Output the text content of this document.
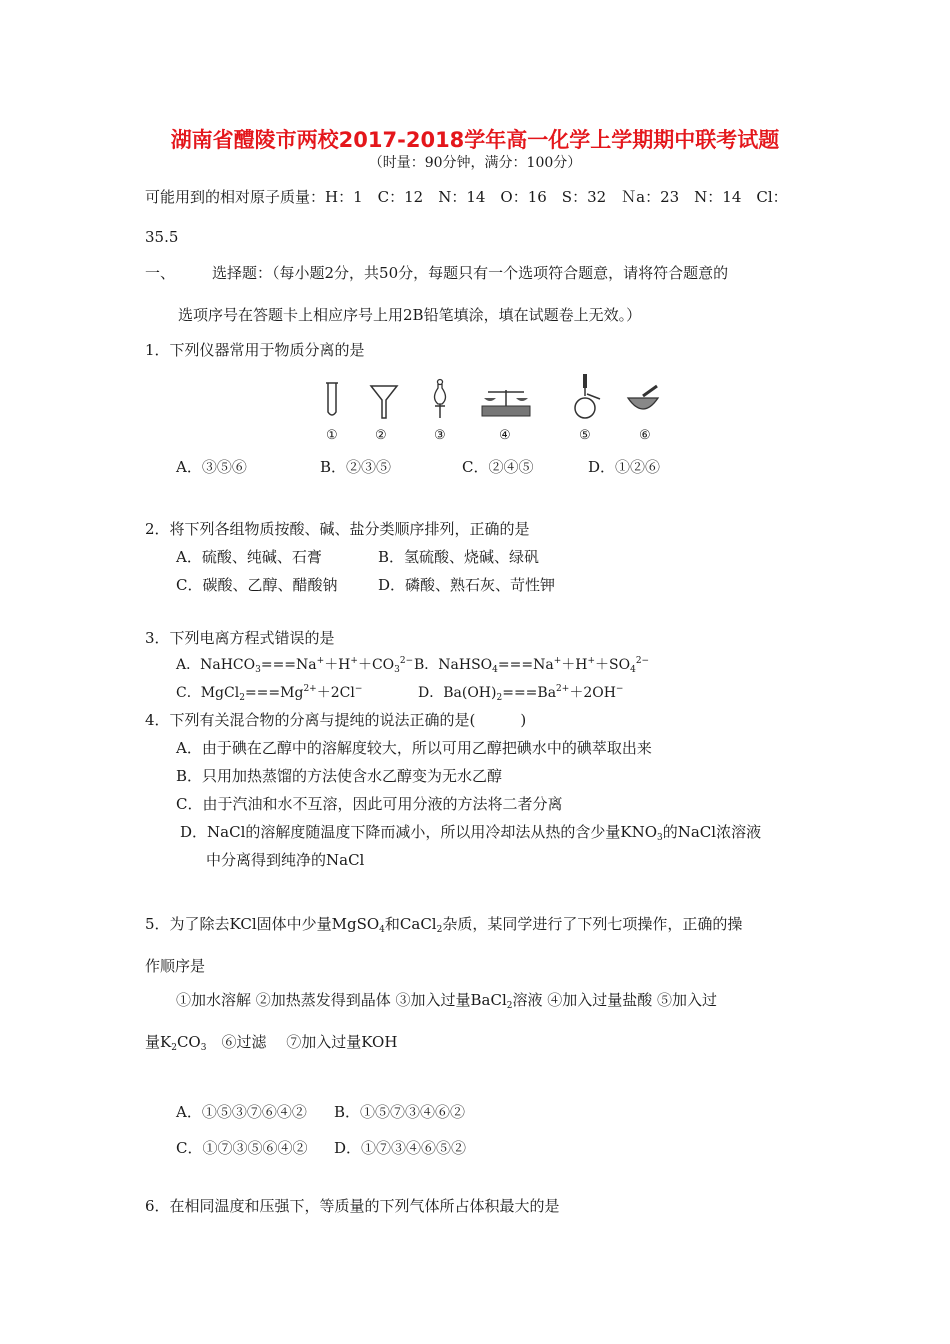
湖南省醴陵市两校2017-2018学年高一化学上学期期中联考试题
（时量：90分钟，满分：100分）
可能用到的相对原子质量：H：1　C：12　N：14　O：16　S：32　Ｎa：23　N：14　Cl：
35.5
一、 选择题：（每小题2分，共50分，每题只有一个选项符合题意，请将符合题意的
选项序号在答题卡上相应序号上用2B铅笔填涂，填在试题卷上无效。）
1．下列仪器常用于物质分离的是
①	②	③	④	⑤	⑥
A．③⑤⑥	B．②③⑤	C．②④⑤	D．①②⑥
2．将下列各组物质按酸、碱、盐分类顺序排列，正确的是
A．硫酸、纯碱、石膏	B．氢硫酸、烧碱、绿矾
C．碳酸、乙醇、醋酸钠	D．磷酸、熟石灰、苛性钾
3．下列电离方程式错误的是
A．$NaHCO_3===Na^++H^++CO_3^{2-}$ B．$NaHSO_4===Na^++H^++SO_4^{2-}$
C．$MgCl_2===Mg^{2+}+2Cl^-$	D．$Ba(OH)_2===Ba^{2+}+2OH^-$
4．下列有关混合物的分离与提纯的说法正确的是(　　　)
A．由于碘在乙醇中的溶解度较大，所以可用乙醇把碘水中的碘萃取出来
B．只用加热蒸馏的方法使含水乙醇变为无水乙醇
C．由于汽油和水不互溶，因此可用分液的方法将二者分离
D．NaCl的溶解度随温度下降而减小，所以用冷却法从热的含少量$KNO_3$的NaCl浓溶液
中分离得到纯净的NaCl
5．为了除去KCl固体中少量MgSO$_4$和CaCl$_2$杂质，某同学进行了下列七项操作，正确的操
作顺序是
①加水溶解 ②加热蒸发得到晶体 ③加入过量BaCl$_2$溶液 ④加入过量盐酸 ⑤加入过
量$K_2CO_3$　⑥过滤　 ⑦加入过量KOH
A．①⑤③⑦⑥④② B．①⑤⑦③④⑥②
C．①⑦③⑤⑥④② D．①⑦③④⑥⑤②
6．在相同温度和压强下，等质量的下列气体所占体积最大的是
